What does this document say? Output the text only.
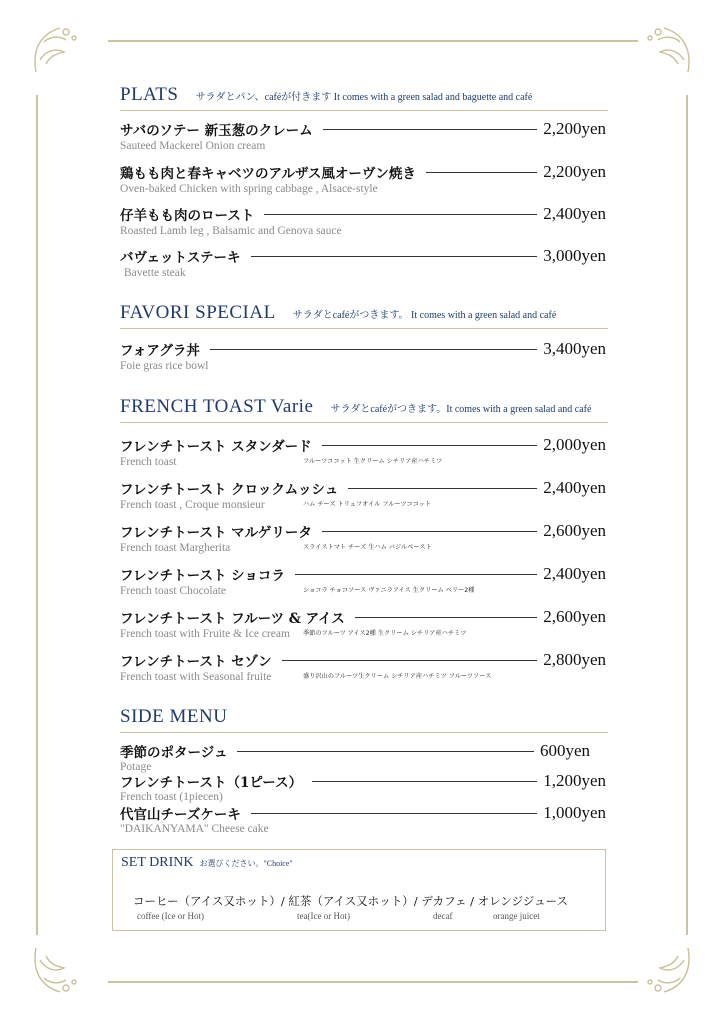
PLATS サラダとパン、caféが付きます It comes with a green salad and baguette and café
サバのソテー 新玉葱のクレーム	2,200yen
Sauteed Mackerel Onion cream
鶏もも肉と春キャベツのアルザス風オーヴン焼き	2,200yen
Oven-baked Chicken with spring cabbage , Alsace-style
仔羊もも肉のロースト	2,400yen
Roasted Lamb leg , Balsamic and Genova sauce
バヴェットステーキ	3,000yen
Bavette steak
FAVORI SPECIAL サラダとcaféがつきます。 It comes with a green salad and café
フォアグラ丼	3,400yen
Foie gras rice bowl
FRENCH TOAST Varie サラダとcaféがつきます。It comes with a green salad and café
フレンチトースト スタンダード	2,000yen
French toast	フルーツココット 生クリーム シチリア産ハチミツ
フレンチトースト クロックムッシュ	2,400yen
French toast , Croque monsieur	ハム チーズ トリュフオイル フルーツココット
フレンチトースト マルゲリータ	2,600yen
French toast Margherita	スライストマト チーズ 生ハム バジルペースト
フレンチトースト ショコラ	2,400yen
French toast Chocolate	ショコラ チョコソース ヴァニラアイス 生クリーム ベリー2種
フレンチトースト フルーツ & アイス	2,600yen
French toast with Fruite & Ice cream 季節のフルーツ アイス2種 生クリーム シチリア産ハチミツ
フレンチトースト セゾン	2,800yen
French toast with Seasonal fruite	盛り沢山のフルーツ生クリーム シチリア産ハチミツ フルーツソース
SIDE MENU
季節のポタージュ	600yen
Potage
フレンチトースト（1ピース）	1,200yen
French toast (1piecen)
代官山チーズケーキ	1,000yen
"DAIKANYAMA" Cheese cake
SET DRINK お選びください。"Choice"
コーヒー（アイス又ホット）/ 紅茶（アイス又ホット）/ デカフェ / オレンジジュース
coffee (Ice or Hot)	tea(Ice or Hot)	decaf	orange juicet
